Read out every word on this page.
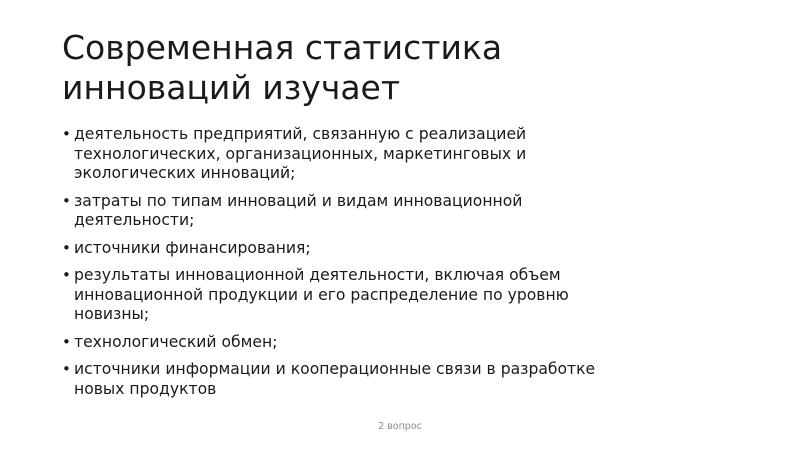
Современная статистика
инноваций изучает
• деятельность предприятий, связанную с реализацией
технологических, организационных, маркетинговых и
экологических инноваций;
• затраты по типам инноваций и видам инновационной
деятельности;
• источники финансирования;
• результаты инновационной деятельности, включая объем
инновационной продукции и его распределение по уровню
новизны;
• технологический обмен;
• источники информации и кооперационные связи в разработке
новых продуктов
2 вопрос
